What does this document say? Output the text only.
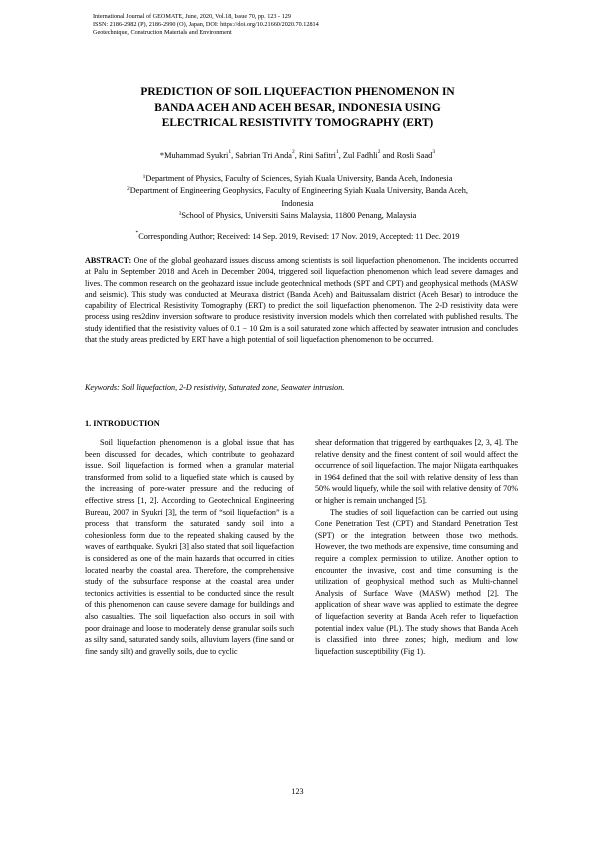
International Journal of GEOMATE, June, 2020, Vol.18, Issue 70, pp. 123 - 129
ISSN: 2186-2982 (P), 2186-2990 (O), Japan, DOI: https://doi.org/10.21660/2020.70.12814
Geotechnique, Construction Materials and Environment
PREDICTION OF SOIL LIQUEFACTION PHENOMENON IN
BANDA ACEH AND ACEH BESAR, INDONESIA USING
ELECTRICAL RESISTIVITY TOMOGRAPHY (ERT)
*Muhammad Syukri$^1$, Sabrian Tri Anda$^2$, Rini Safitri$^1$, Zul Fadhli$^2$ and Rosli Saad$^3$
$^1$Department of Physics, Faculty of Sciences, Syiah Kuala University, Banda Aceh, Indonesia
$^2$Department of Engineering Geophysics, Faculty of Engineering Syiah Kuala University, Banda Aceh,
Indonesia
$^3$School of Physics, Universiti Sains Malaysia, 11800 Penang, Malaysia
*Corresponding Author; Received: 14 Sep. 2019, Revised: 17 Nov. 2019, Accepted: 11 Dec. 2019
ABSTRACT: One of the global geohazard issues discuss among scientists is soil liquefaction phenomenon. The incidents occurred at Palu in September 2018 and Aceh in December 2004, triggered soil liquefaction phenomenon which lead severe damages and lives. The common research on the geohazard issue include geotechnical methods (SPT and CPT) and geophysical methods (MASW and seismic). This study was conducted at Meuraxa district (Banda Aceh) and Baitussalam district (Aceh Besar) to introduce the capability of Electrical Resistivity Tomography (ERT) to predict the soil liquefaction phenomenon. The 2-D resistivity data were process using res2dinv inversion software to produce resistivity inversion models which then correlated with published results. The study identified that the resistivity values of 0.1 − 10 Ωm is a soil saturated zone which affected by seawater intrusion and concludes that the study areas predicted by ERT have a high potential of soil liquefaction phenomenon to be occurred.
Keywords: Soil liquefaction, 2-D resistivity, Saturated zone, Seawater intrusion.
1. INTRODUCTION

Soil liquefaction phenomenon is a global issue that has been discussed for decades, which contribute to geohazard issue. Soil liquefaction is formed when a granular material transformed from solid to a liquefied state which is caused by the increasing of pore-water pressure and the reducing of effective stress [1, 2]. According to Geotechnical Engineering Bureau, 2007 in Syukri [3], the term of “soil liquefaction” is a process that transform the saturated sandy soil into a cohesionless form due to the repeated shaking caused by the waves of earthquake. Syukri [3] also stated that soil liquefaction is considered as one of the main hazards that occurred in cities located nearby the coastal area. Therefore, the comprehensive study of the subsurface response at the coastal area under tectonics activities is essential to be conducted since the result of this phenomenon can cause severe damage for buildings and also casualties. The soil liquefaction also occurs in soil with poor drainage and loose to moderately dense granular soils such as silty sand, saturated sandy soils, alluvium layers (fine sand or fine sandy silt) and gravelly soils, due to cyclic

shear deformation that triggered by earthquakes [2, 3, 4]. The relative density and the finest content of soil would affect the occurrence of soil liquefaction. The major Niigata earthquakes in 1964 defined that the soil with relative density of less than 50% would liquefy, while the soil with relative density of 70% or higher is remain unchanged [5].

The studies of soil liquefaction can be carried out using Cone Penetration Test (CPT) and Standard Penetration Test (SPT) or the integration between those two methods. However, the two methods are expensive, time consuming and require a complex permission to utilize. Another option to encounter the invasive, cost and time consuming is the utilization of geophysical method such as Multi-channel Analysis of Surface Wave (MASW) method [2]. The application of shear wave was applied to estimate the degree of liquefaction severity at Banda Aceh refer to liquefaction potential index value (PL). The study shows that Banda Aceh is classified into three zones; high, medium and low liquefaction susceptibility (Fig 1).

123
